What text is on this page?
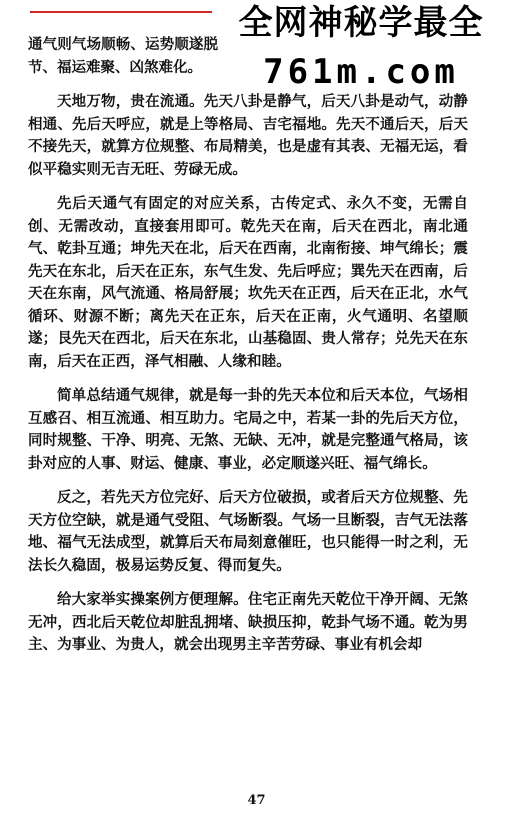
全网神秘学最全
761m.com

通气则气场顺畅、运势顺遂脱节、福运难聚、凶煞难化。

天地万物，贵在流通。先天八卦是静气，后天八卦是动气，动静相通、先后天呼应，就是上等格局、吉宅福地。先天不通后天，后天不接先天，就算方位规整、布局精美，也是虚有其表、无福无运，看似平稳实则无吉无旺、劳碌无成。

先后天通气有固定的对应关系，古传定式、永久不变，无需自创、无需改动，直接套用即可。乾先天在南，后天在西北，南北通气、乾卦互通；坤先天在北，后天在西南，北南衔接、坤气绵长；震先天在东北，后天在正东，东气生发、先后呼应；巽先天在西南，后天在东南，风气流通、格局舒展；坎先天在正西，后天在正北，水气循环、财源不断；离先天在正东，后天在正南，火气通明、名望顺遂；艮先天在西北，后天在东北，山基稳固、贵人常存；兑先天在东南，后天在正西，泽气相融、人缘和睦。

简单总结通气规律，就是每一卦的先天本位和后天本位，气场相互感召、相互流通、相互助力。宅局之中，若某一卦的先后天方位，同时规整、干净、明亮、无煞、无缺、无冲，就是完整通气格局，该卦对应的人事、财运、健康、事业，必定顺遂兴旺、福气绵长。

反之，若先天方位完好、后天方位破损，或者后天方位规整、先天方位空缺，就是通气受阻、气场断裂。气场一旦断裂，吉气无法落地、福气无法成型，就算后天布局刻意催旺，也只能得一时之利，无法长久稳固，极易运势反复、得而复失。

给大家举实操案例方便理解。住宅正南先天乾位干净开阔、无煞无冲，西北后天乾位却脏乱拥堵、缺损压抑，乾卦气场不通。乾为男主、为事业、为贵人，就会出现男主辛苦劳碌、事业有机会却

47
